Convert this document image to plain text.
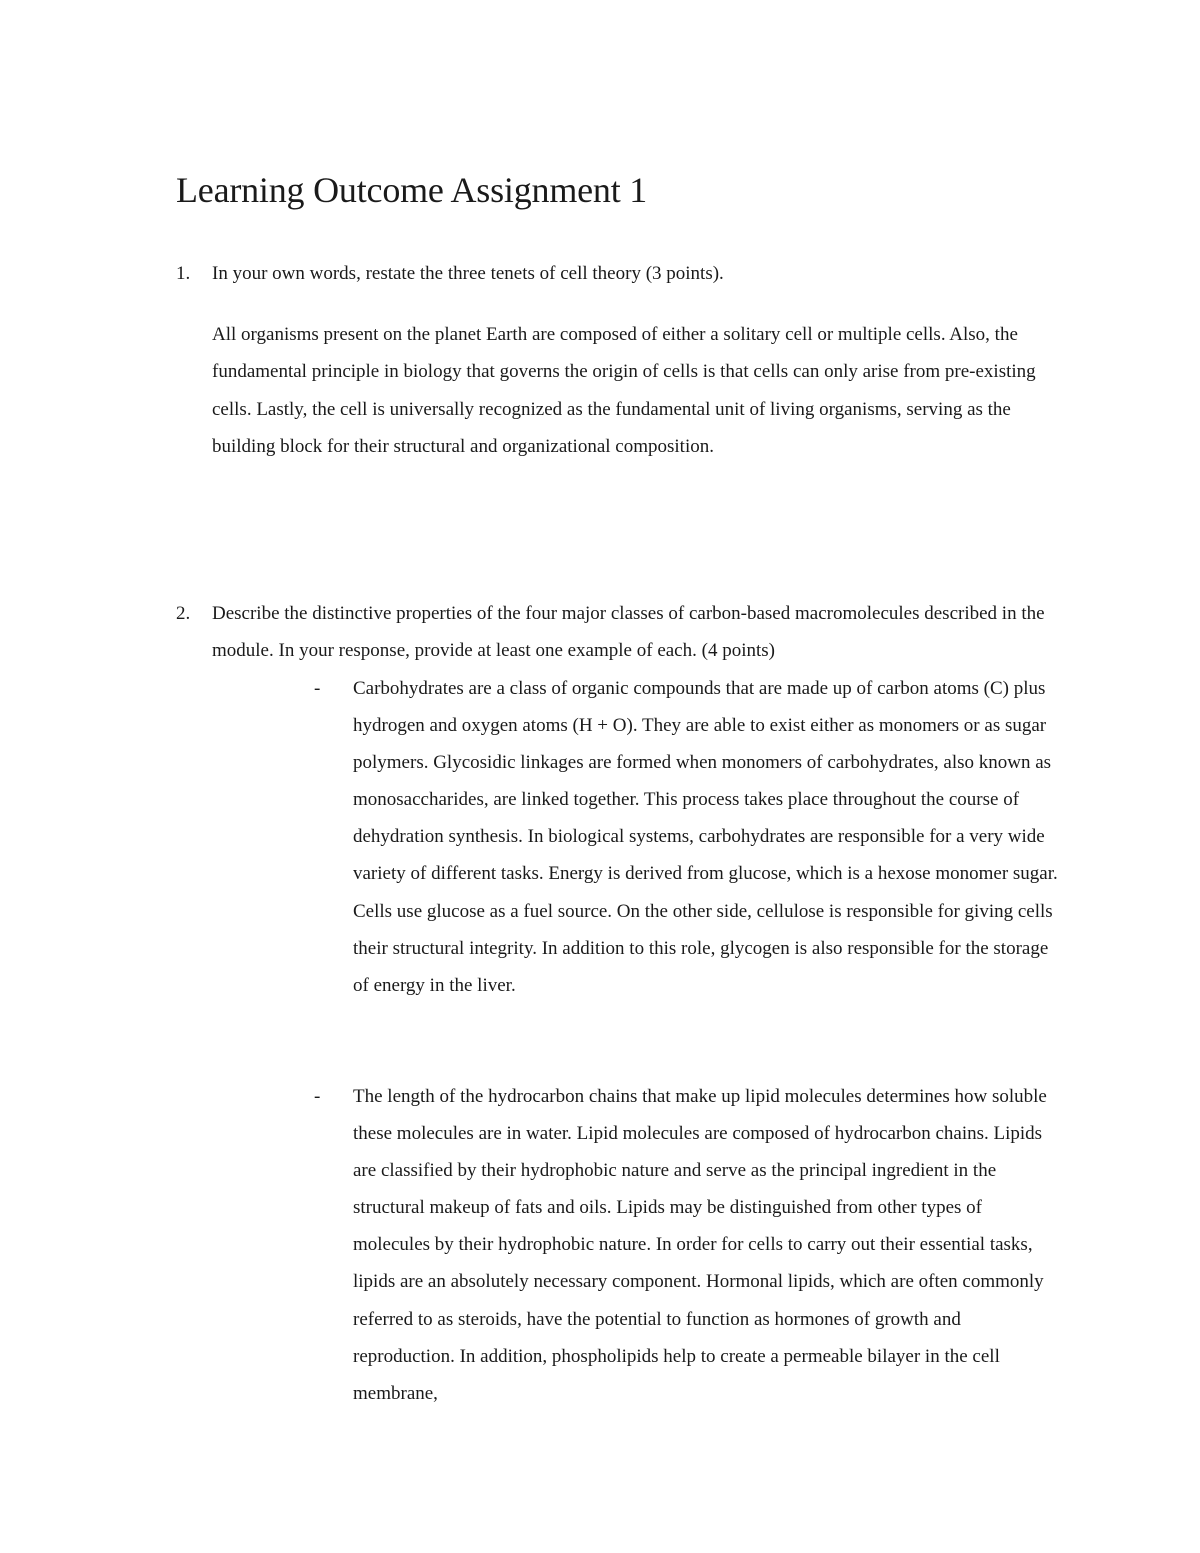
Learning Outcome Assignment 1
1. In your own words, restate the three tenets of cell theory (3 points).

All organisms present on the planet Earth are composed of either a solitary cell or multiple cells. Also, the fundamental principle in biology that governs the origin of cells is that cells can only arise from pre-existing cells. Lastly, the cell is universally recognized as the fundamental unit of living organisms, serving as the building block for their structural and organizational composition.

2. Describe the distinctive properties of the four major classes of carbon-based macromolecules described in the module. In your response, provide at least one example of each. (4 points)

- Carbohydrates are a class of organic compounds that are made up of carbon atoms (C) plus hydrogen and oxygen atoms (H + O). They are able to exist either as monomers or as sugar polymers. Glycosidic linkages are formed when monomers of carbohydrates, also known as monosaccharides, are linked together. This process takes place throughout the course of dehydration synthesis. In biological systems, carbohydrates are responsible for a very wide variety of different tasks. Energy is derived from glucose, which is a hexose monomer sugar. Cells use glucose as a fuel source. On the other side, cellulose is responsible for giving cells their structural integrity. In addition to this role, glycogen is also responsible for the storage of energy in the liver.

- The length of the hydrocarbon chains that make up lipid molecules determines how soluble these molecules are in water. Lipid molecules are composed of hydrocarbon chains. Lipids are classified by their hydrophobic nature and serve as the principal ingredient in the structural makeup of fats and oils. Lipids may be distinguished from other types of molecules by their hydrophobic nature. In order for cells to carry out their essential tasks, lipids are an absolutely necessary component. Hormonal lipids, which are often commonly referred to as steroids, have the potential to function as hormones of growth and reproduction. In addition, phospholipids help to create a permeable bilayer in the cell membrane,
